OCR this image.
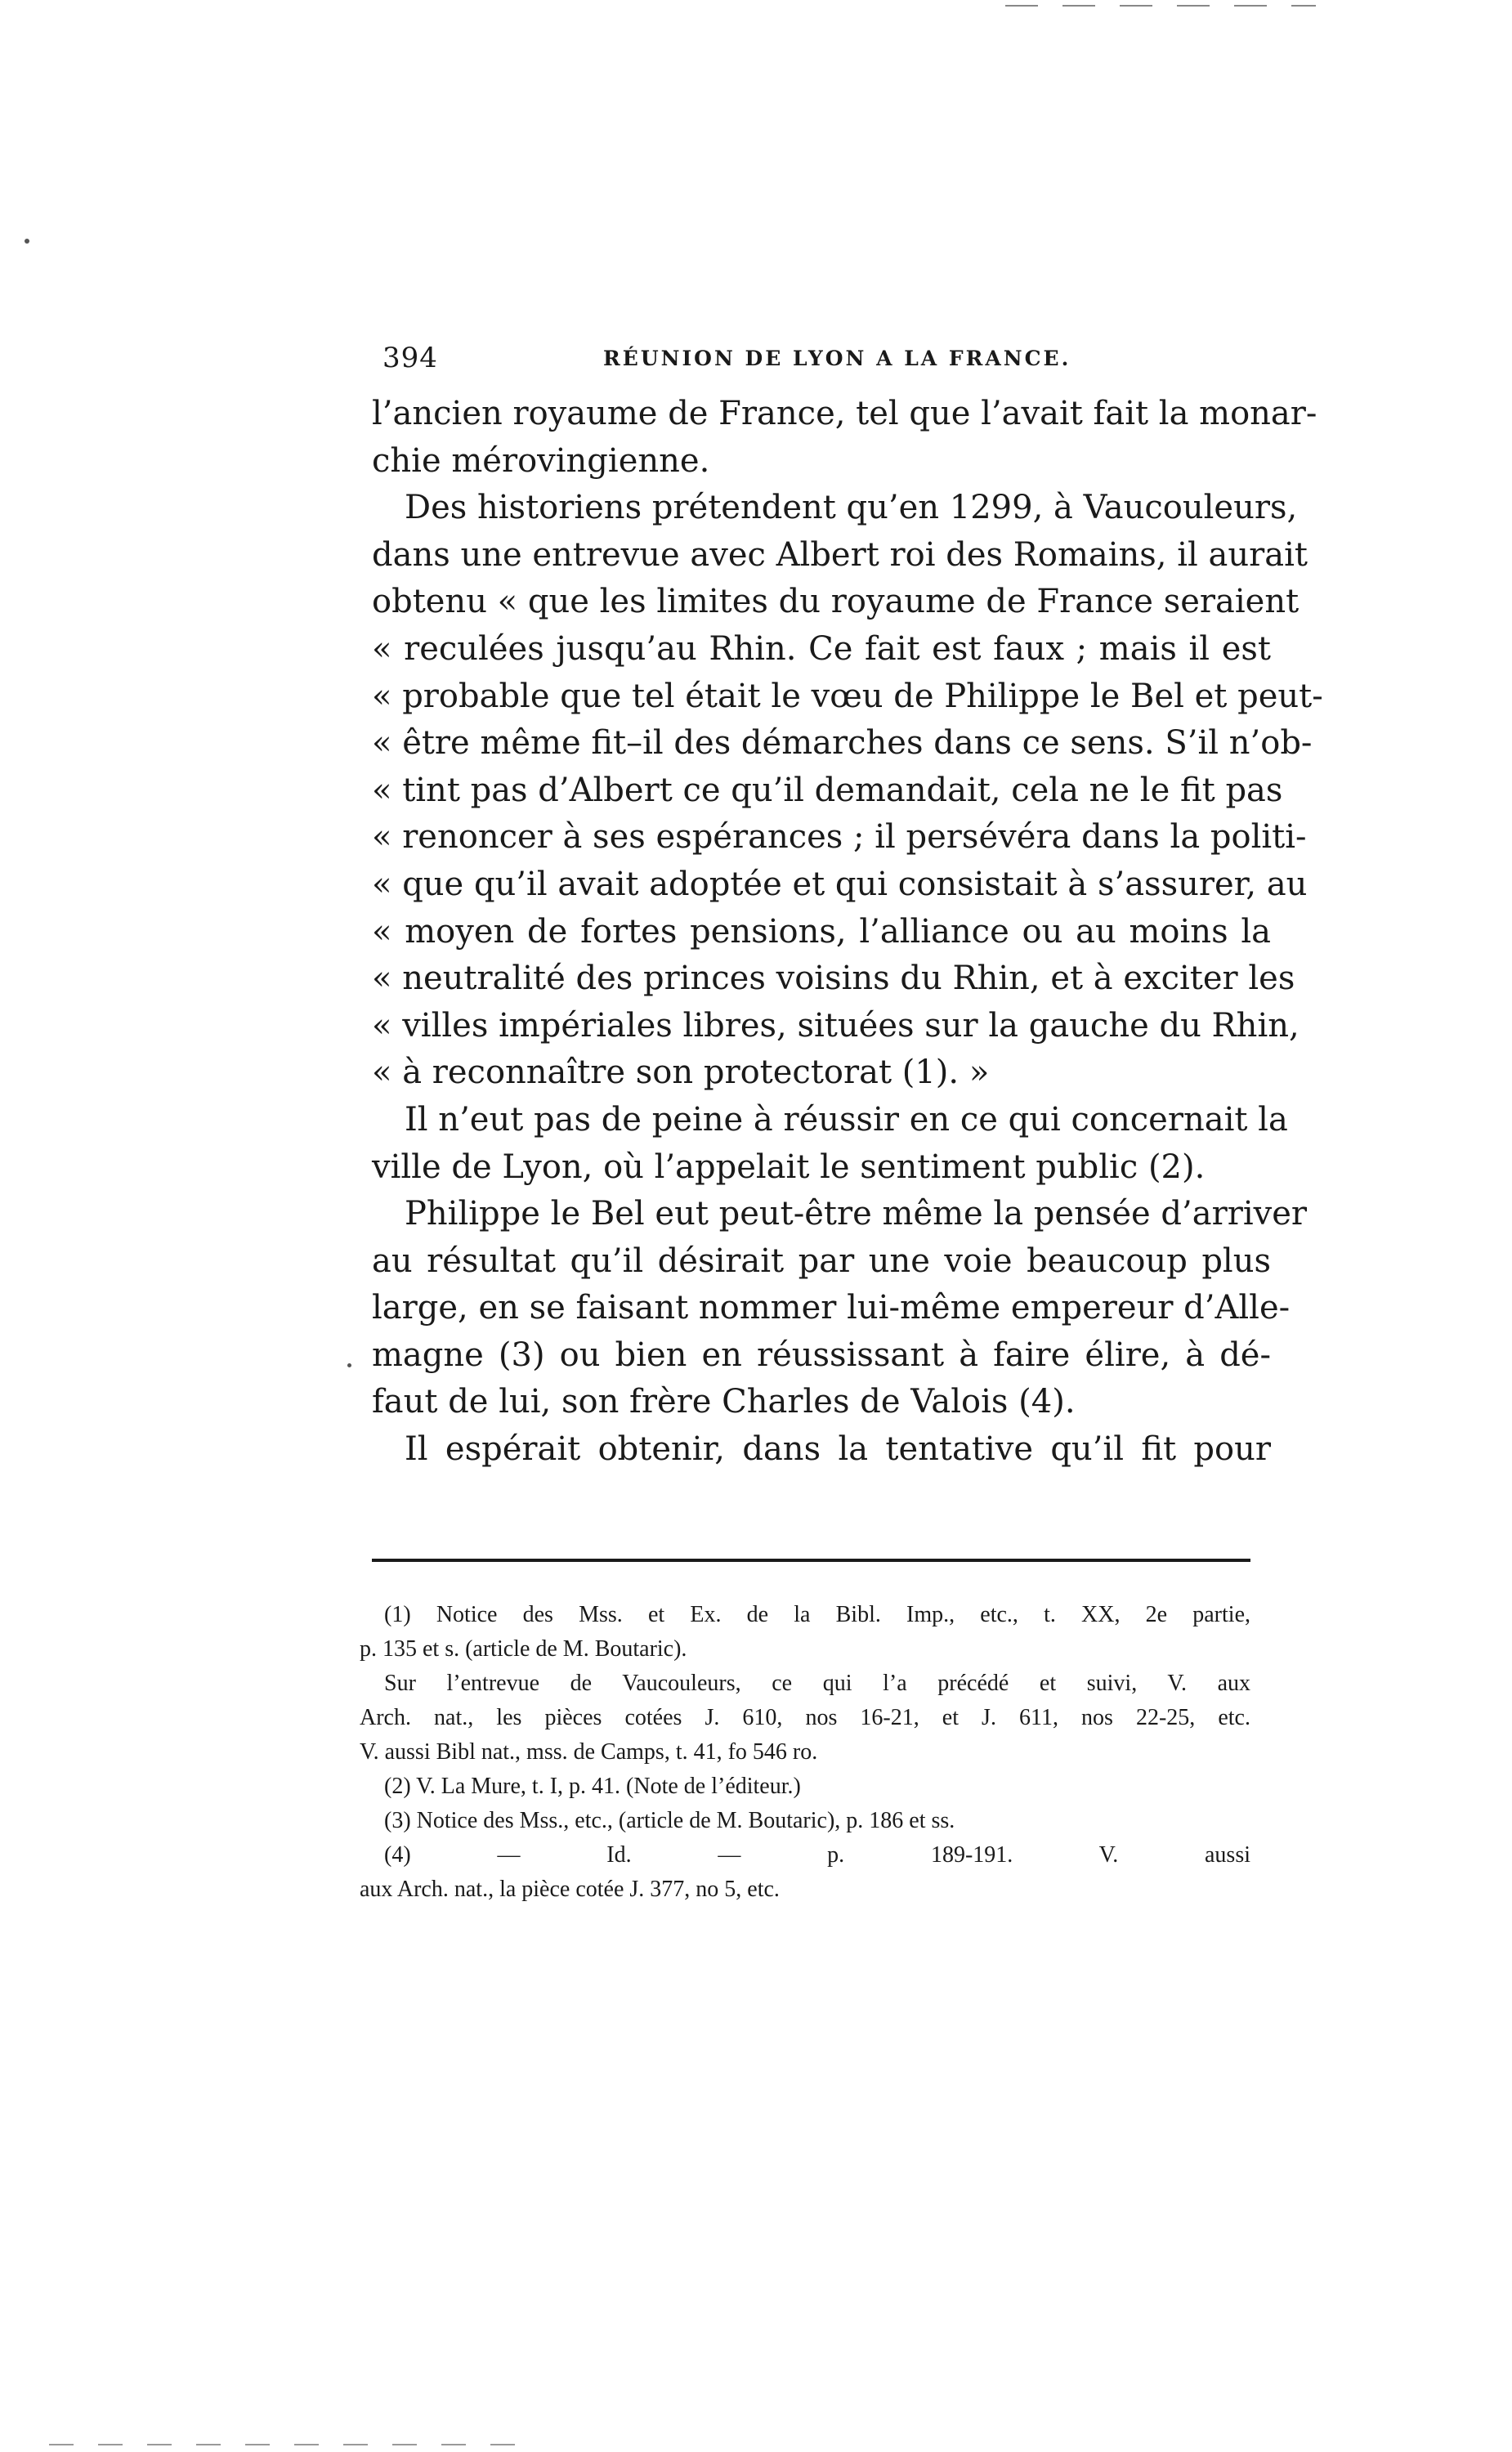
394	RÉUNION DE LYON A LA FRANCE.
l’ancien royaume de France, tel que l’avait fait la monar-
chie mérovingienne.
Des historiens prétendent qu’en 1299, à Vaucouleurs,
dans une entrevue avec Albert roi des Romains, il aurait
obtenu « que les limites du royaume de France seraient
« reculées jusqu’au Rhin. Ce fait est faux ; mais il est
« probable que tel était le vœu de Philippe le Bel et peut-
« être même fit–il des démarches dans ce sens. S’il n’ob-
« tint pas d’Albert ce qu’il demandait, cela ne le fit pas
« renoncer à ses espérances ; il persévéra dans la politi-
« que qu’il avait adoptée et qui consistait à s’assurer, au
« moyen de fortes pensions, l’alliance ou au moins la
« neutralité des princes voisins du Rhin, et à exciter les
« villes impériales libres, situées sur la gauche du Rhin,
« à reconnaître son protectorat (1). »
Il n’eut pas de peine à réussir en ce qui concernait la
ville de Lyon, où l’appelait le sentiment public (2).
Philippe le Bel eut peut-être même la pensée d’arriver
au résultat qu’il désirait par une voie beaucoup plus
large, en se faisant nommer lui-même empereur d’Alle-
magne (3) ou bien en réussissant à faire élire, à dé-
faut de lui, son frère Charles de Valois (4).
Il espérait obtenir, dans la tentative qu’il fit pour
(1) Notice des Mss. et Ex. de la Bibl. Imp., etc., t. XX, 2e partie,
p. 135 et s. (article de M. Boutaric).
Sur l’entrevue de Vaucouleurs, ce qui l’a précédé et suivi, V. aux
Arch. nat., les pièces cotées J. 610, nos 16-21, et J. 611, nos 22-25, etc.
V. aussi Bibl nat., mss. de Camps, t. 41, fo 546 ro.
(2) V. La Mure, t. I, p. 41. (Note de l’éditeur.)
(3) Notice des Mss., etc., (article de M. Boutaric), p. 186 et ss.
(4) — Id. — p. 189-191. V. aussi
aux Arch. nat., la pièce cotée J. 377, no 5, etc.
